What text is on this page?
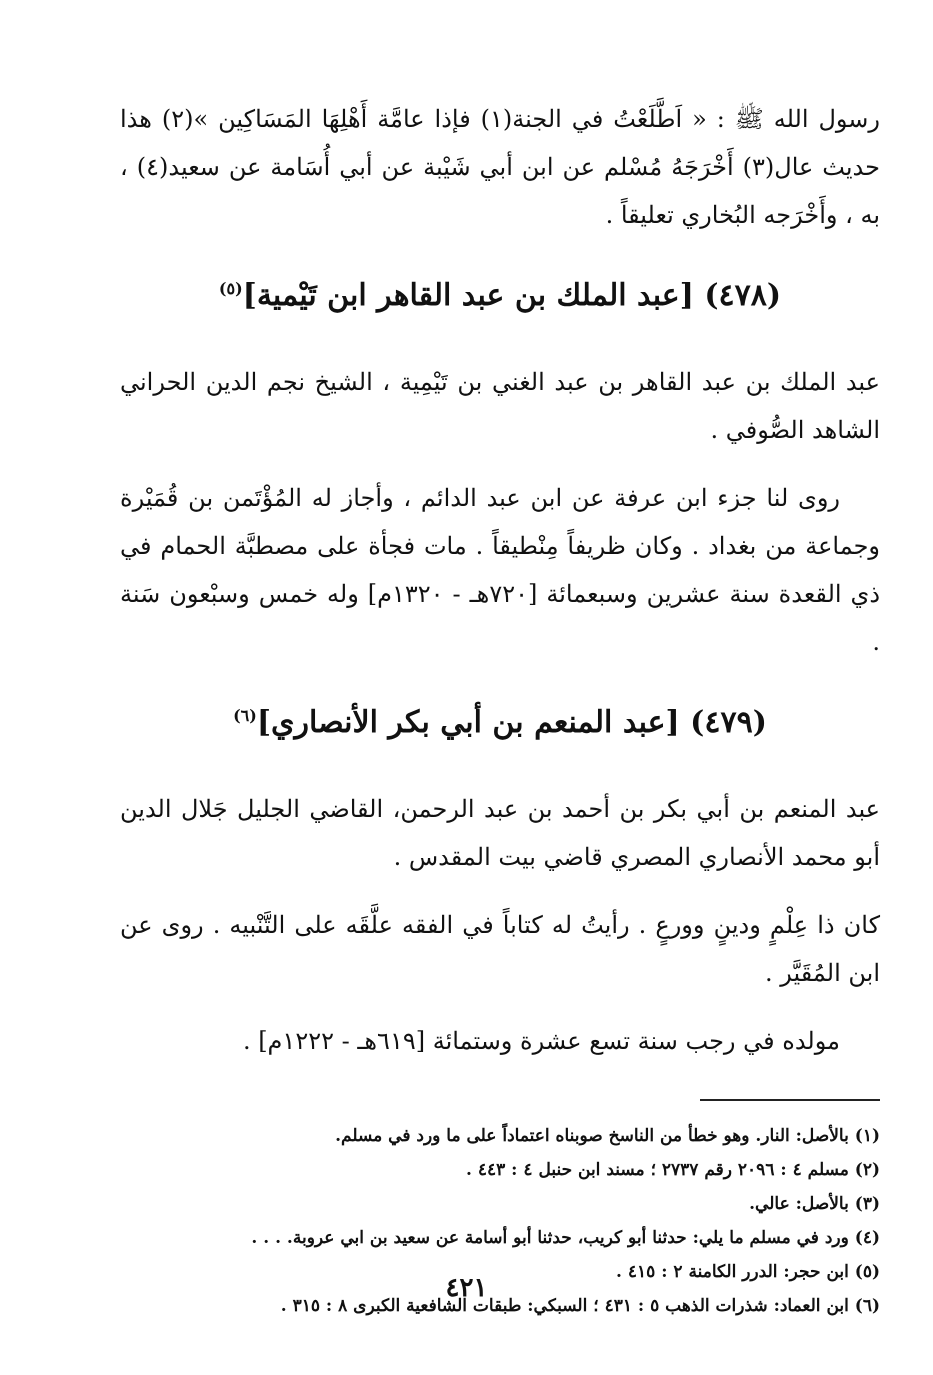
رسول الله ﷺ : « اَطَّلَعْتُ في الجنة(١) فإذا عامَّة أَهْلِهَا المَسَاكِين »(٢) هذا حديث عال(٣) أَخْرَجَهُ مُسْلم عن ابن أبي شَيْبة عن أبي أُسَامة عن سعيد(٤) ، به ، وأَخْرَجه البُخاري تعليقاً .

(٤٧٨) [عبد الملك بن عبد القاهر ابن تَيْمية]$^{(٥)}$

عبد الملك بن عبد القاهر بن عبد الغني بن تَيْمِية ، الشيخ نجم الدين الحراني الشاهد الصُّوفي .

روى لنا جزء ابن عرفة عن ابن عبد الدائم ، وأجاز له المُؤْتَمن بن قُمَيْرة وجماعة من بغداد . وكان ظريفاً مِنْطيقاً . مات فجأة على مصطبَّة الحمام في ذي القعدة سنة عشرين وسبعمائة [٧٢٠هـ - ١٣٢٠م] وله خمس وسبْعون سَنة .

(٤٧٩) [عبد المنعم بن أبي بكر الأنصاري]$^{(٦)}$

عبد المنعم بن أبي بكر بن أحمد بن عبد الرحمن، القاضي الجليل جَلال الدين أبو محمد الأنصاري المصري قاضي بيت المقدس .

كان ذا عِلْمٍ ودينٍ وورعٍ . رأيتُ له كتاباً في الفقه علَّقَه على التَّنْبيه . روى عن ابن المُقَيَّر .

مولده في رجب سنة تسع عشرة وستمائة [٦١٩هـ - ١٢٢٢م] .

(١) بالأصل: النار. وهو خطأ من الناسخ صوبناه اعتماداً على ما ورد في مسلم.
(٢) مسلم ٤ : ٢٠٩٦ رقم ٢٧٣٧ ؛ مسند ابن حنبل ٤ : ٤٤٣ .
(٣) بالأصل: عالي.
(٤) ورد في مسلم ما يلي: حدثنا أبو كريب، حدثنا أبو أسامة عن سعيد بن ابي عروبة. . . .
(٥) ابن حجر: الدرر الكامنة ٢ : ٤١٥ .
(٦) ابن العماد: شذرات الذهب ٥ : ٤٣١ ؛ السبكي: طبقات الشافعية الكبرى ٨ : ٣١٥ .
٤٢١
